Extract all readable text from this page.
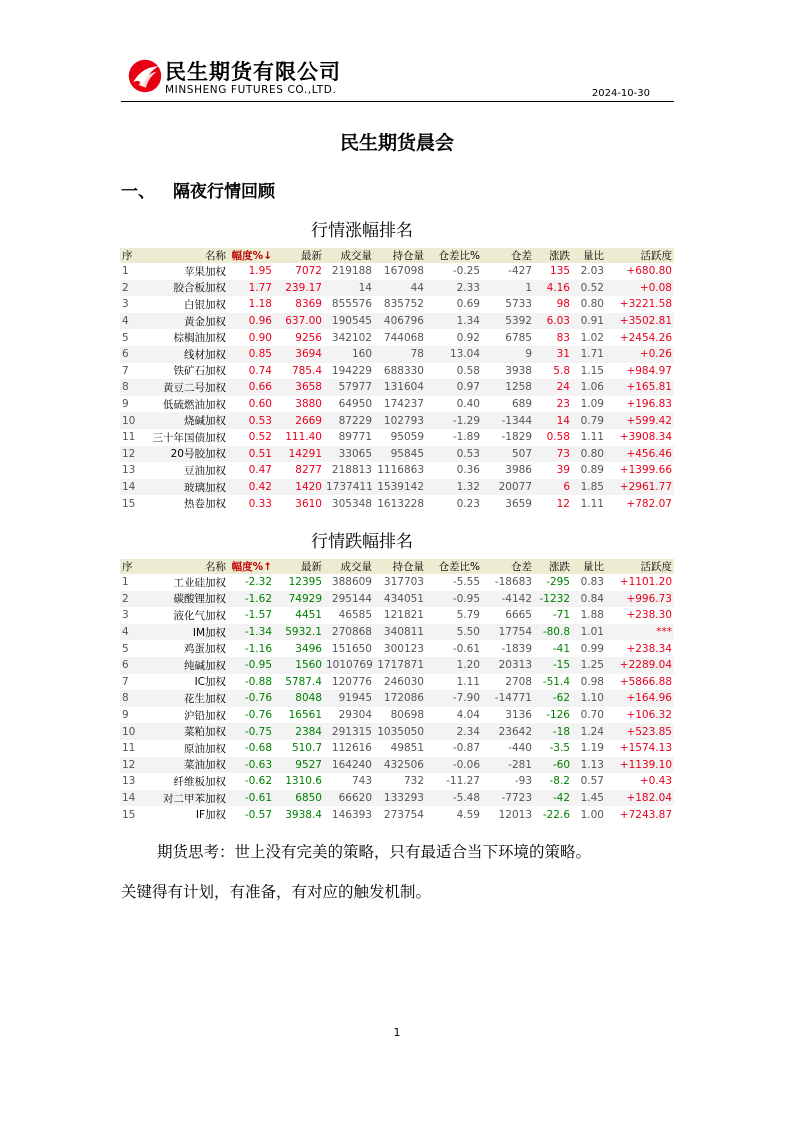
民生期货有限公司
MINSHENG FUTURES CO.,LTD.	2024-10-30
民生期货晨会
一、 隔夜行情回顾
行情涨幅排名
序	名称	幅度%↓	最新	成交量	持仓量	仓差比%	仓差	涨跌	量比	活跃度
1	苹果加权	1.95	7072	219188	167098	-0.25	-427	135	2.03	+680.80
2	胶合板加权	1.77	239.17	14	44	2.33	1	4.16	0.52	+0.08
3	白银加权	1.18	8369	855576	835752	0.69	5733	98	0.80	+3221.58
4	黄金加权	0.96	637.00	190545	406796	1.34	5392	6.03	0.91	+3502.81
5	棕榈油加权	0.90	9256	342102	744068	0.92	6785	83	1.02	+2454.26
6	线材加权	0.85	3694	160	78	13.04	9	31	1.71	+0.26
7	铁矿石加权	0.74	785.4	194229	688330	0.58	3938	5.8	1.15	+984.97
8	黄豆二号加权	0.66	3658	57977	131604	0.97	1258	24	1.06	+165.81
9	低硫燃油加权	0.60	3880	64950	174237	0.40	689	23	1.09	+196.83
10	烧碱加权	0.53	2669	87229	102793	-1.29	-1344	14	0.79	+599.42
11	三十年国债加权	0.52	111.40	89771	95059	-1.89	-1829	0.58	1.11	+3908.34
12	20号胶加权	0.51	14291	33065	95845	0.53	507	73	0.80	+456.46
13	豆油加权	0.47	8277	218813	1116863	0.36	3986	39	0.89	+1399.66
14	玻璃加权	0.42	1420	1737411	1539142	1.32	20077	6	1.85	+2961.77
15	热卷加权	0.33	3610	305348	1613228	0.23	3659	12	1.11	+782.07
行情跌幅排名
序	名称	幅度%↑	最新	成交量	持仓量	仓差比%	仓差	涨跌	量比	活跃度
1	工业硅加权	-2.32	12395	388609	317703	-5.55	-18683	-295	0.83	+1101.20
2	碳酸锂加权	-1.62	74929	295144	434051	-0.95	-4142	-1232	0.84	+996.73
3	液化气加权	-1.57	4451	46585	121821	5.79	6665	-71	1.88	+238.30
4	IM加权	-1.34	5932.1	270868	340811	5.50	17754	-80.8	1.01	***
5	鸡蛋加权	-1.16	3496	151650	300123	-0.61	-1839	-41	0.99	+238.34
6	纯碱加权	-0.95	1560	1010769	1717871	1.20	20313	-15	1.25	+2289.04
7	IC加权	-0.88	5787.4	120776	246030	1.11	2708	-51.4	0.98	+5866.88
8	花生加权	-0.76	8048	91945	172086	-7.90	-14771	-62	1.10	+164.96
9	沪铅加权	-0.76	16561	29304	80698	4.04	3136	-126	0.70	+106.32
10	菜粕加权	-0.75	2384	291315	1035050	2.34	23642	-18	1.24	+523.85
11	原油加权	-0.68	510.7	112616	49851	-0.87	-440	-3.5	1.19	+1574.13
12	菜油加权	-0.63	9527	164240	432506	-0.06	-281	-60	1.13	+1139.10
13	纤维板加权	-0.62	1310.6	743	732	-11.27	-93	-8.2	0.57	+0.43
14	对二甲苯加权	-0.61	6850	66620	133293	-5.48	-7723	-42	1.45	+182.04
15	IF加权	-0.57	3938.4	146393	273754	4.59	12013	-22.6	1.00	+7243.87
期货思考：世上没有完美的策略，只有最适合当下环境的策略。
关键得有计划，有准备，有对应的触发机制。
1
